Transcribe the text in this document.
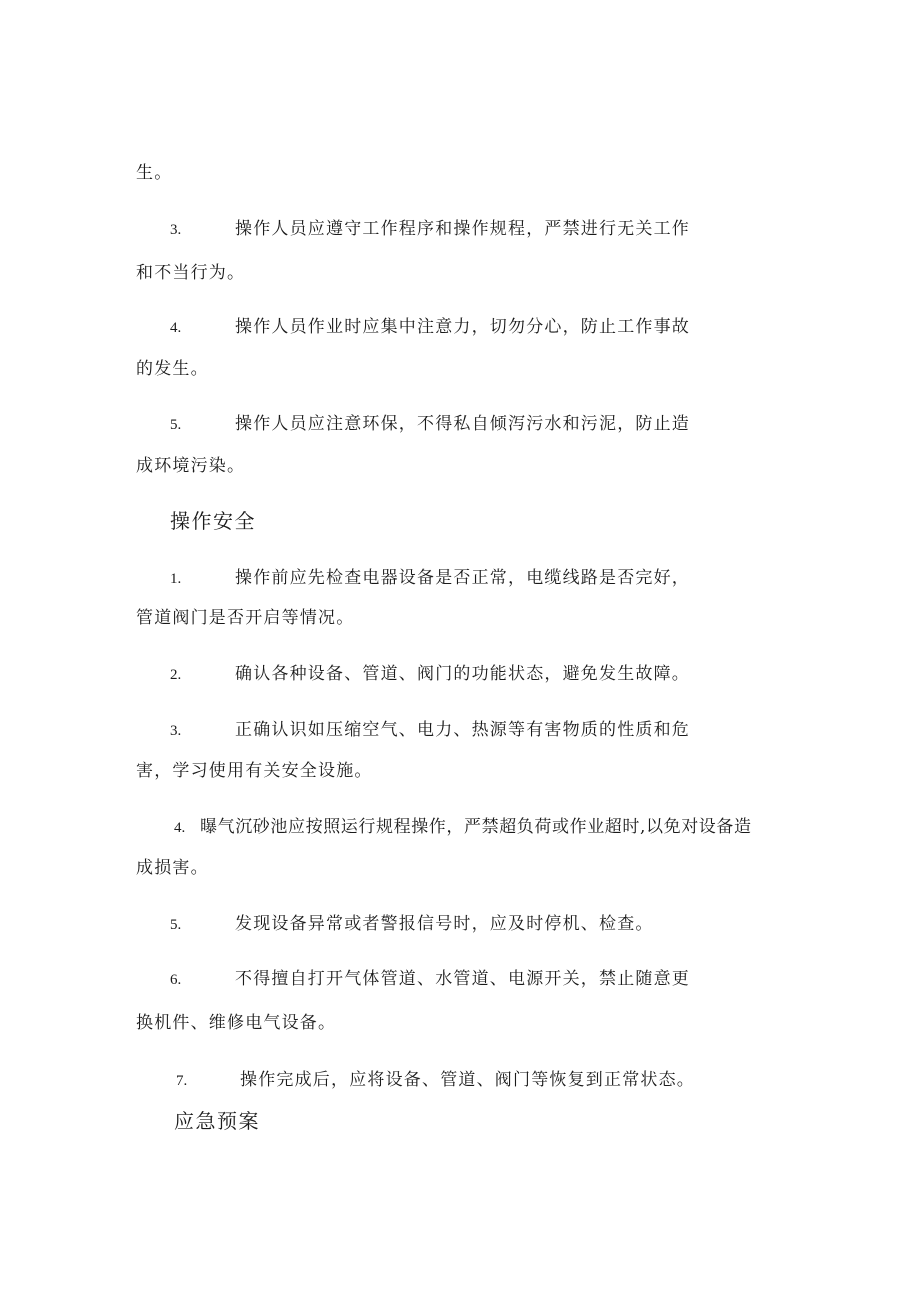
生。
3.	操作人员应遵守工作程序和操作规程，严禁进行无关工作
和不当行为。
4.	操作人员作业时应集中注意力，切勿分心，防止工作事故
的发生。
5.	操作人员应注意环保，不得私自倾泻污水和污泥，防止造
成环境污染。
操作安全
1.	操作前应先检查电器设备是否正常，电缆线路是否完好，
管道阀门是否开启等情况。
2.	确认各种设备、管道、阀门的功能状态，避免发生故障。
3.	正确认识如压缩空气、电力、热源等有害物质的性质和危
害，学习使用有关安全设施。
4. 曝气沉砂池应按照运行规程操作，严禁超负荷或作业超时,以免对设备造
成损害。
5.	发现设备异常或者警报信号时，应及时停机、检查。
6.	不得擅自打开气体管道、水管道、电源开关，禁止随意更
换机件、维修电气设备。
7.	操作完成后，应将设备、管道、阀门等恢复到正常状态。
应急预案
